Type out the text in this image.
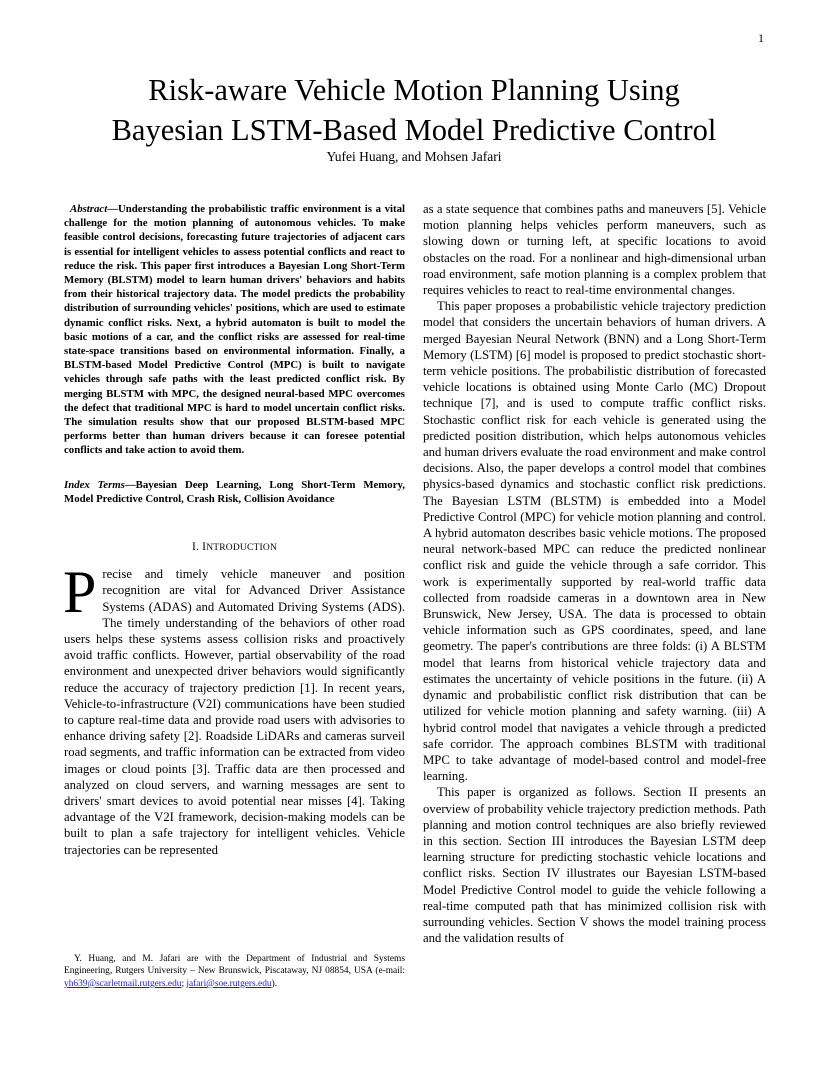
1
Risk-aware Vehicle Motion Planning Using
Bayesian LSTM-Based Model Predictive Control
Yufei Huang, and Mohsen Jafari

Abstract—Understanding the probabilistic traffic environment is a vital challenge for the motion planning of autonomous vehicles. To make feasible control decisions, forecasting future trajectories of adjacent cars is essential for intelligent vehicles to assess potential conflicts and react to reduce the risk. This paper first introduces a Bayesian Long Short-Term Memory (BLSTM) model to learn human drivers' behaviors and habits from their historical trajectory data. The model predicts the probability distribution of surrounding vehicles' positions, which are used to estimate dynamic conflict risks. Next, a hybrid automaton is built to model the basic motions of a car, and the conflict risks are assessed for real-time state-space transitions based on environmental information. Finally, a BLSTM-based Model Predictive Control (MPC) is built to navigate vehicles through safe paths with the least predicted conflict risk. By merging BLSTM with MPC, the designed neural-based MPC overcomes the defect that traditional MPC is hard to model uncertain conflict risks. The simulation results show that our proposed BLSTM-based MPC performs better than human drivers because it can foresee potential conflicts and take action to avoid them.

Index Terms—Bayesian Deep Learning, Long Short-Term Memory, Model Predictive Control, Crash Risk, Collision Avoidance

I. INTRODUCTION

Precise and timely vehicle maneuver and position recognition are vital for Advanced Driver Assistance Systems (ADAS) and Automated Driving Systems (ADS). The timely understanding of the behaviors of other road users helps these systems assess collision risks and proactively avoid traffic conflicts. However, partial observability of the road environment and unexpected driver behaviors would significantly reduce the accuracy of trajectory prediction [1]. In recent years, Vehicle-to-infrastructure (V2I) communications have been studied to capture real-time data and provide road users with advisories to enhance driving safety [2]. Roadside LiDARs and cameras surveil road segments, and traffic information can be extracted from video images or cloud points [3]. Traffic data are then processed and analyzed on cloud servers, and warning messages are sent to drivers' smart devices to avoid potential near misses [4]. Taking advantage of the V2I framework, decision-making models can be built to plan a safe trajectory for intelligent vehicles. Vehicle trajectories can be represented

Y. Huang, and M. Jafari are with the Department of Industrial and Systems Engineering, Rutgers University – New Brunswick, Piscataway, NJ 08854, USA (e-mail: yh639@scarletmail.rutgers.edu; jafari@soe.rutgers.edu).

as a state sequence that combines paths and maneuvers [5]. Vehicle motion planning helps vehicles perform maneuvers, such as slowing down or turning left, at specific locations to avoid obstacles on the road. For a nonlinear and high-dimensional urban road environment, safe motion planning is a complex problem that requires vehicles to react to real-time environmental changes.

This paper proposes a probabilistic vehicle trajectory prediction model that considers the uncertain behaviors of human drivers. A merged Bayesian Neural Network (BNN) and a Long Short-Term Memory (LSTM) [6] model is proposed to predict stochastic short-term vehicle positions. The probabilistic distribution of forecasted vehicle locations is obtained using Monte Carlo (MC) Dropout technique [7], and is used to compute traffic conflict risks. Stochastic conflict risk for each vehicle is generated using the predicted position distribution, which helps autonomous vehicles and human drivers evaluate the road environment and make control decisions. Also, the paper develops a control model that combines physics-based dynamics and stochastic conflict risk predictions. The Bayesian LSTM (BLSTM) is embedded into a Model Predictive Control (MPC) for vehicle motion planning and control. A hybrid automaton describes basic vehicle motions. The proposed neural network-based MPC can reduce the predicted nonlinear conflict risk and guide the vehicle through a safe corridor. This work is experimentally supported by real-world traffic data collected from roadside cameras in a downtown area in New Brunswick, New Jersey, USA. The data is processed to obtain vehicle information such as GPS coordinates, speed, and lane geometry. The paper's contributions are three folds: (i) A BLSTM model that learns from historical vehicle trajectory data and estimates the uncertainty of vehicle positions in the future. (ii) A dynamic and probabilistic conflict risk distribution that can be utilized for vehicle motion planning and safety warning. (iii) A hybrid control model that navigates a vehicle through a predicted safe corridor. The approach combines BLSTM with traditional MPC to take advantage of model-based control and model-free learning.

This paper is organized as follows. Section II presents an overview of probability vehicle trajectory prediction methods. Path planning and motion control techniques are also briefly reviewed in this section. Section III introduces the Bayesian LSTM deep learning structure for predicting stochastic vehicle locations and conflict risks. Section IV illustrates our Bayesian LSTM-based Model Predictive Control model to guide the vehicle following a real-time computed path that has minimized collision risk with surrounding vehicles. Section V shows the model training process and the validation results of
